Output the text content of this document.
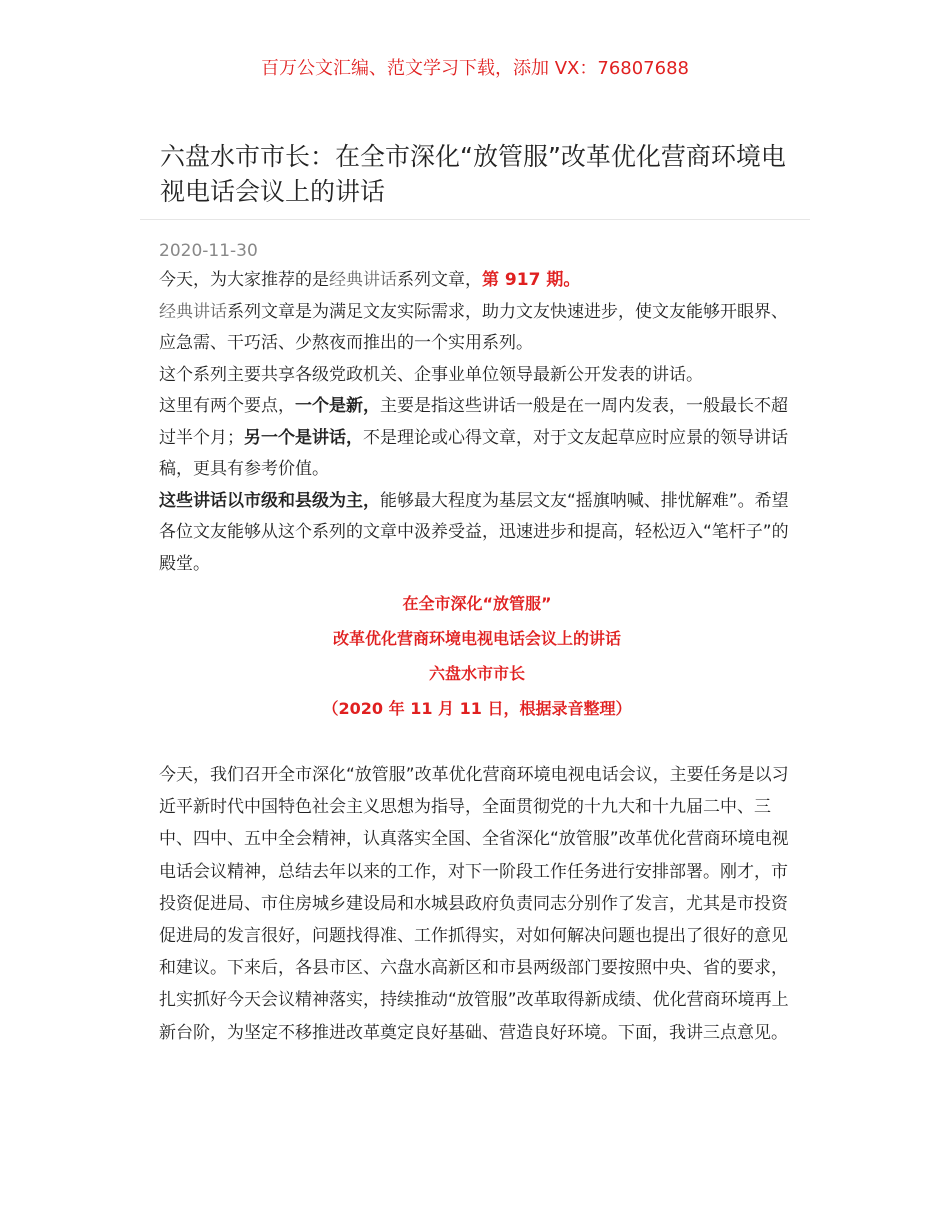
百万公文汇编、范文学习下载，添加 VX：76807688
六盘水市市长：在全市深化“放管服”改革优化营商环境电视电话会议上的讲话
2020-11-30

今天，为大家推荐的是经典讲话系列文章，第 917 期。

经典讲话系列文章是为满足文友实际需求，助力文友快速进步，使文友能够开眼界、应急需、干巧活、少熬夜而推出的一个实用系列。

这个系列主要共享各级党政机关、企事业单位领导最新公开发表的讲话。

这里有两个要点，一个是新，主要是指这些讲话一般是在一周内发表，一般最长不超过半个月；另一个是讲话，不是理论或心得文章，对于文友起草应时应景的领导讲话稿，更具有参考价值。

这些讲话以市级和县级为主，能够最大程度为基层文友“摇旗呐喊、排忧解难”。希望各位文友能够从这个系列的文章中汲养受益，迅速进步和提高，轻松迈入“笔杆子”的殿堂。

在全市深化“放管服”
改革优化营商环境电视电话会议上的讲话
六盘水市市长
（2020 年 11 月 11 日，根据录音整理）

今天，我们召开全市深化“放管服”改革优化营商环境电视电话会议，主要任务是以习近平新时代中国特色社会主义思想为指导，全面贯彻党的十九大和十九届二中、三中、四中、五中全会精神，认真落实全国、全省深化“放管服”改革优化营商环境电视电话会议精神，总结去年以来的工作，对下一阶段工作任务进行安排部署。刚才，市投资促进局、市住房城乡建设局和水城县政府负责同志分别作了发言，尤其是市投资促进局的发言很好，问题找得准、工作抓得实，对如何解决问题也提出了很好的意见和建议。下来后，各县市区、六盘水高新区和市县两级部门要按照中央、省的要求，扎实抓好今天会议精神落实，持续推动“放管服”改革取得新成绩、优化营商环境再上新台阶，为坚定不移推进改革奠定良好基础、营造良好环境。下面，我讲三点意见。
